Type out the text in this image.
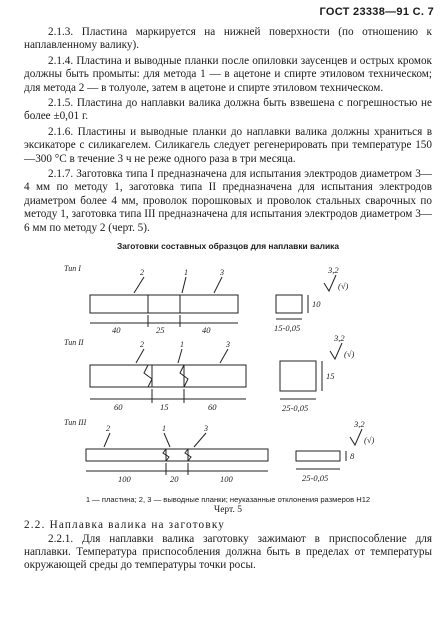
ГОСТ 23338—91 С. 7

2.1.3. Пластина маркируется на нижней поверхности (по отношению к наплавленному валику).

2.1.4. Пластина и выводные планки после опиловки заусенцев и острых кромок должны быть промыты: для метода 1 — в ацетоне и спирте этиловом техническом; для метода 2 — в толуоле, затем в ацетоне и спирте этиловом техническом.

2.1.5. Пластина до наплавки валика должна быть взвешена с погрешностью не более ±0,01 г.

2.1.6. Пластины и выводные планки до наплавки валика должны храниться в эксикаторе с силикагелем. Силикагель следует регенерировать при температуре 150—300 °С в течение 3 ч не реже одного раза в три месяца.

2.1.7. Заготовка типа I предназначена для испытания электродов диаметром 3—4 мм по методу 1, заготовка типа II предназначена для испытания электродов диаметром более 4 мм, проволок порошковых и проволок стальных сварочных по методу 1, заготовка типа III предназначена для испытания электродов диаметром 3—6 мм по методу 2 (черт. 5).

Заготовки составных образцов для наплавки валика
Тип I
Тип II
Тип III
2	1	3
2	1	3
2	1	3
40	25	40	15-0,05
10
60	15	60	25-0,05
15
100	20	100	25-0,05
8
3,2
(√)
3,2
(√)
3,2
(√)
1 — пластина; 2, 3 — выводные планки; неуказанные отклонения размеров Н12
Черт. 5
2.2. Наплавка валика на заготовку

2.2.1. Для наплавки валика заготовку зажимают в приспособление для наплавки. Температура приспособления должна быть в пределах от температуры окружающей среды до температуры точки росы.
